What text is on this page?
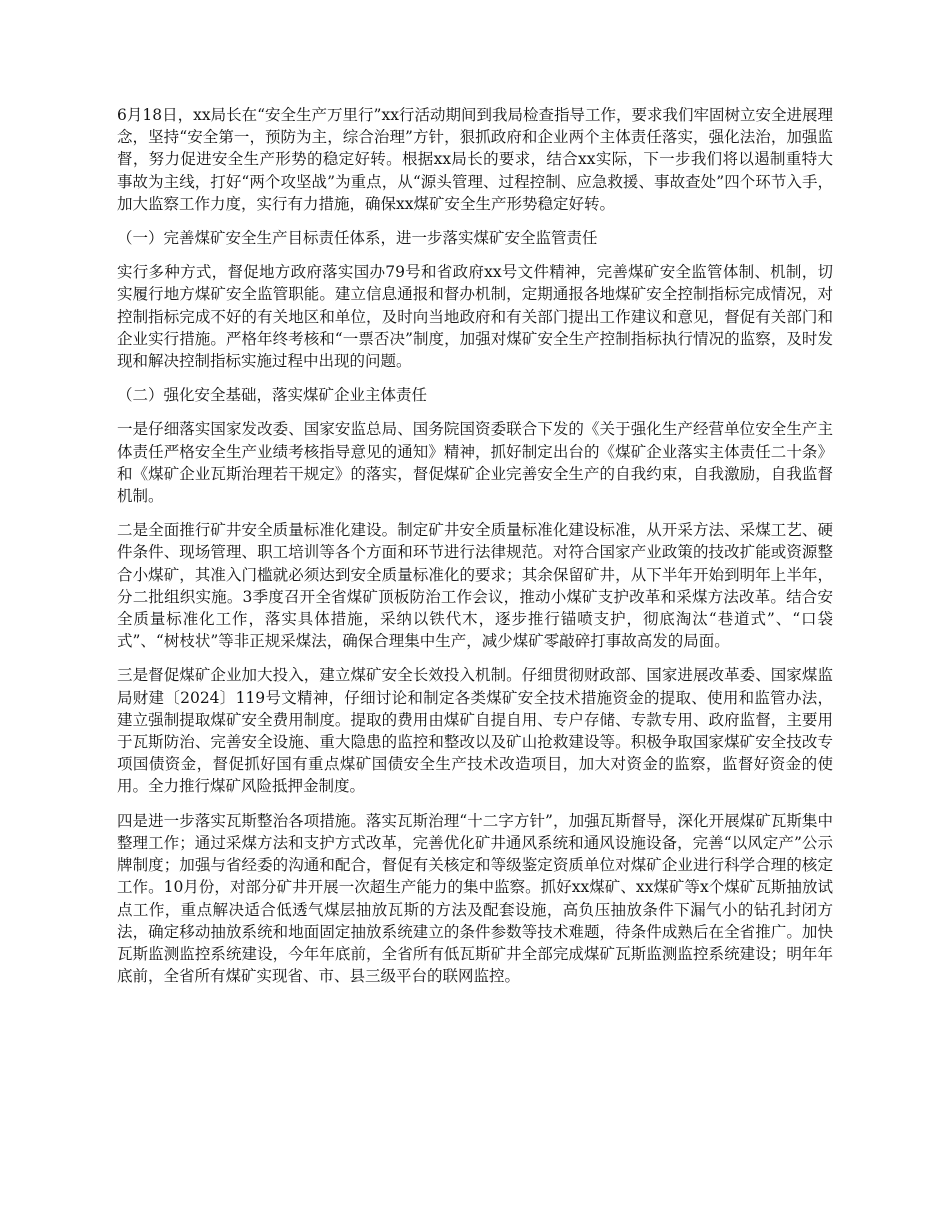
6月18日，xx局长在“安全生产万里行”xx行活动期间到我局检查指导工作，要求我们牢固树立安全进展理念，坚持“安全第一，预防为主，综合治理”方针，狠抓政府和企业两个主体责任落实，强化法治，加强监督，努力促进安全生产形势的稳定好转。根据xx局长的要求，结合xx实际，下一步我们将以遏制重特大事故为主线，打好“两个攻坚战”为重点，从“源头管理、过程控制、应急救援、事故查处”四个环节入手，加大监察工作力度，实行有力措施，确保xx煤矿安全生产形势稳定好转。

（一）完善煤矿安全生产目标责任体系，进一步落实煤矿安全监管责任

实行多种方式，督促地方政府落实国办79号和省政府xx号文件精神，完善煤矿安全监管体制、机制，切实履行地方煤矿安全监管职能。建立信息通报和督办机制，定期通报各地煤矿安全控制指标完成情况，对控制指标完成不好的有关地区和单位，及时向当地政府和有关部门提出工作建议和意见，督促有关部门和企业实行措施。严格年终考核和“一票否决”制度，加强对煤矿安全生产控制指标执行情况的监察，及时发现和解决控制指标实施过程中出现的问题。

（二）强化安全基础，落实煤矿企业主体责任

一是仔细落实国家发改委、国家安监总局、国务院国资委联合下发的《关于强化生产经营单位安全生产主体责任严格安全生产业绩考核指导意见的通知》精神，抓好制定出台的《煤矿企业落实主体责任二十条》和《煤矿企业瓦斯治理若干规定》的落实，督促煤矿企业完善安全生产的自我约束，自我激励，自我监督机制。

二是全面推行矿井安全质量标准化建设。制定矿井安全质量标准化建设标准，从开采方法、采煤工艺、硬件条件、现场管理、职工培训等各个方面和环节进行法律规范。对符合国家产业政策的技改扩能或资源整合小煤矿，其准入门槛就必须达到安全质量标准化的要求；其余保留矿井，从下半年开始到明年上半年，分二批组织实施。3季度召开全省煤矿顶板防治工作会议，推动小煤矿支护改革和采煤方法改革。结合安全质量标准化工作，落实具体措施，采纳以铁代木，逐步推行锚喷支护，彻底淘汰“巷道式”、“口袋式”、“树枝状”等非正规采煤法，确保合理集中生产，减少煤矿零敲碎打事故高发的局面。

三是督促煤矿企业加大投入，建立煤矿安全长效投入机制。仔细贯彻财政部、国家进展改革委、国家煤监局财建〔2024〕119号文精神，仔细讨论和制定各类煤矿安全技术措施资金的提取、使用和监管办法，建立强制提取煤矿安全费用制度。提取的费用由煤矿自提自用、专户存储、专款专用、政府监督，主要用于瓦斯防治、完善安全设施、重大隐患的监控和整改以及矿山抢救建设等。积极争取国家煤矿安全技改专项国债资金，督促抓好国有重点煤矿国债安全生产技术改造项目，加大对资金的监察，监督好资金的使用。全力推行煤矿风险抵押金制度。

四是进一步落实瓦斯整治各项措施。落实瓦斯治理“十二字方针”，加强瓦斯督导，深化开展煤矿瓦斯集中整理工作；通过采煤方法和支护方式改革，完善优化矿井通风系统和通风设施设备，完善“以风定产”公示牌制度；加强与省经委的沟通和配合，督促有关核定和等级鉴定资质单位对煤矿企业进行科学合理的核定工作。10月份，对部分矿井开展一次超生产能力的集中监察。抓好xx煤矿、xx煤矿等x个煤矿瓦斯抽放试点工作，重点解决适合低透气煤层抽放瓦斯的方法及配套设施，高负压抽放条件下漏气小的钻孔封闭方法，确定移动抽放系统和地面固定抽放系统建立的条件参数等技术难题，待条件成熟后在全省推广。加快瓦斯监测监控系统建设，今年年底前，全省所有低瓦斯矿井全部完成煤矿瓦斯监测监控系统建设；明年年底前，全省所有煤矿实现省、市、县三级平台的联网监控。
